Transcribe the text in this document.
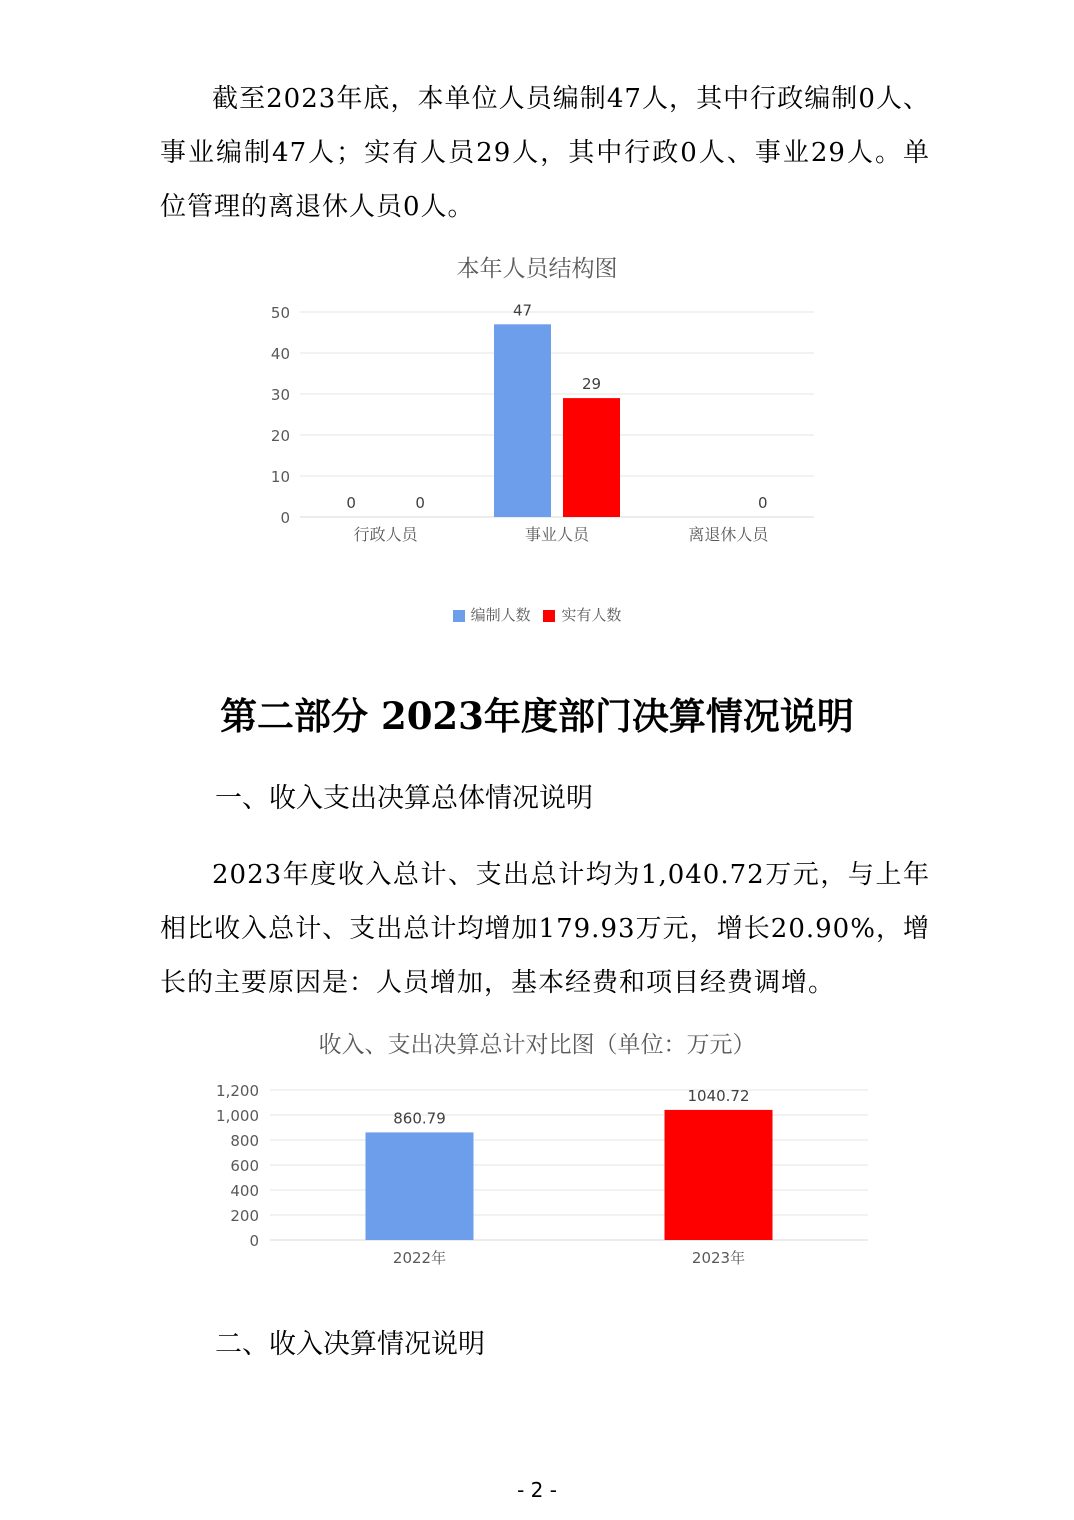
截至2023年底，本单位人员编制47人，其中行政编制0人、事业编制47人；实有人员29人，其中行政0人、事业29人。单位管理的离退休人员0人。

本年人员结构图
0
10
20
30
40
50
行政人员
0	0
事业人员
47
29
离退休人员
0
编制人数 实有人数
第二部分 2023年度部门决算情况说明
一、收入支出决算总体情况说明

2023年度收入总计、支出总计均为1,040.72万元，与上年相比收入总计、支出总计均增加179.93万元，增长20.90%，增长的主要原因是：人员增加，基本经费和项目经费调增。

收入、支出决算总计对比图（单位：万元）
0
200
400
600
800
1,000
1,200
860.79
2022年
1040.72
2023年
二、收入决算情况说明
- 2 -
